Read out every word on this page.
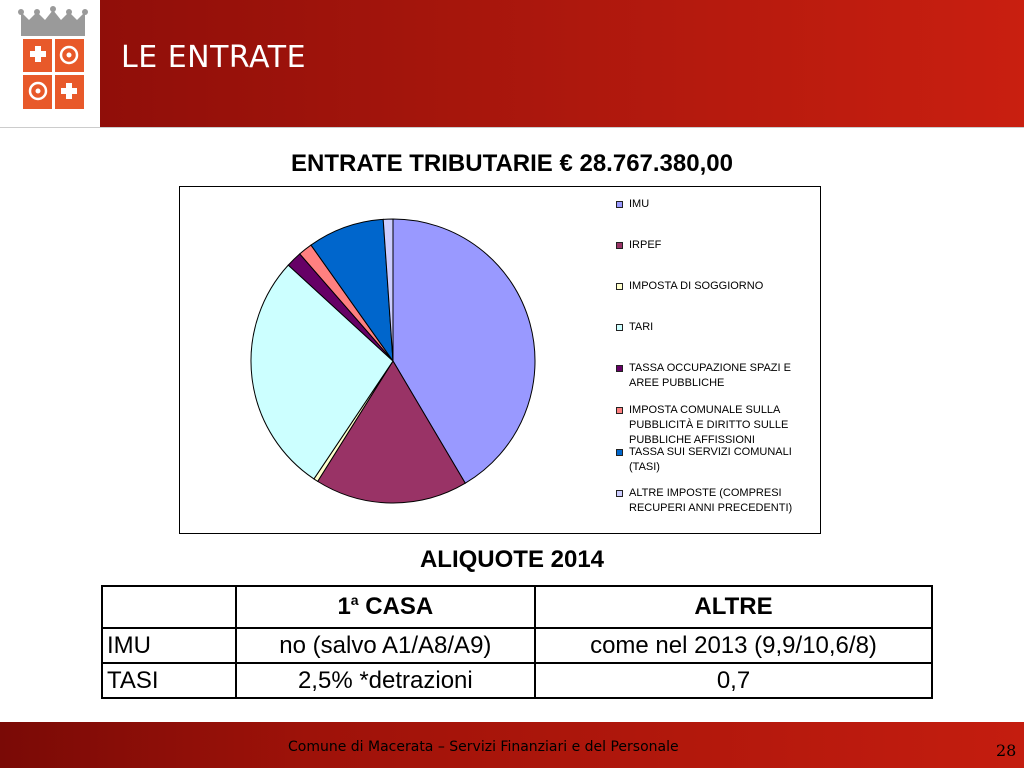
LE ENTRATE
ENTRATE TRIBUTARIE € 28.767.380,00
IMU
IRPEF
IMPOSTA DI SOGGIORNO
TARI
TASSA OCCUPAZIONE SPAZI E AREE PUBBLICHE
IMPOSTA COMUNALE SULLA PUBBLICITÀ E DIRITTO SULLE PUBBLICHE AFFISSIONI
TASSA SUI SERVIZI COMUNALI (TASI)
ALTRE IMPOSTE (COMPRESI RECUPERI ANNI PRECEDENTI)
ALIQUOTE 2014
	1$^a$ CASA	ALTRE
IMU	no (salvo A1/A8/A9)	come nel 2013 (9,9/10,6/8)
TASI	2,5% *detrazioni	0,7
Comune di Macerata – Servizi Finanziari e del Personale	28
